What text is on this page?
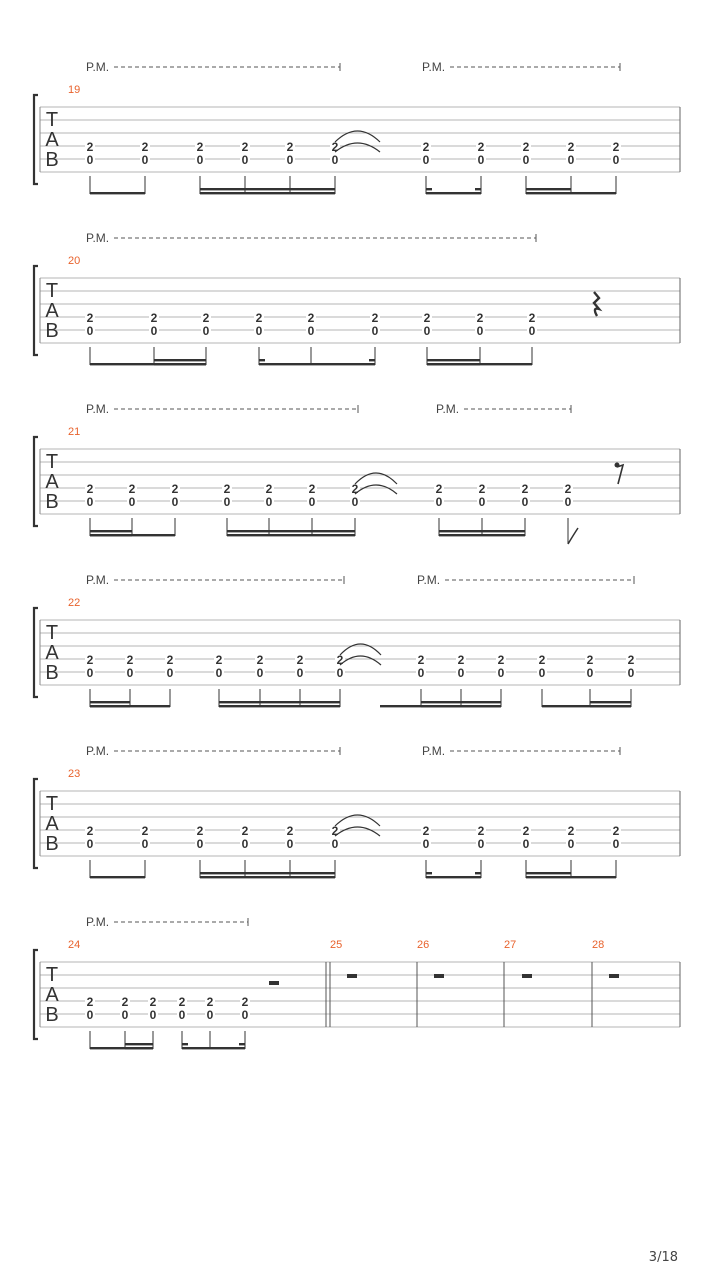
T
A
B
19
P.M.	P.M.
2
0
2
0
2
0
2
0
2
0
2
0
2
0
2
0
2
0
2
0
2
0
T
A
B
20
P.M.
2
0
2
0
2
0
2
0
2
0
2
0
2
0
2
0
2
0
T
A
B
21
P.M.	P.M.
2
0
2
0
2
0
2
0
2
0
2
0
2
0
2
0
2
0
2
0
2
0
T
A
B
22
P.M.	P.M.
2
0
2
0
2
0
2
0
2
0
2
0
2
0
2
0
2
0
2
0
2
0
2
0
2
0
T
A
B
23
P.M.	P.M.
2
0
2
0
2
0
2
0
2
0
2
0
2
0
2
0
2
0
2
0
2
0
T
A
B
24	25	26	27	28
P.M.
2
0
2
0
2
0
2
0
2
0
2
0
3/18
